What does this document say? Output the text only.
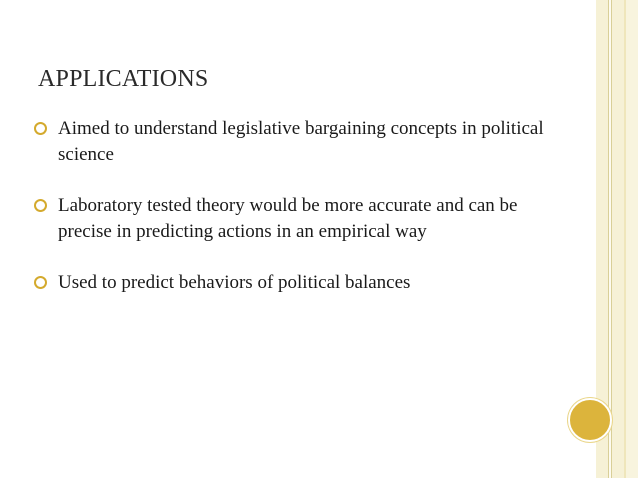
APPLICATIONS
Aimed to understand legislative bargaining concepts in political science
Laboratory tested theory would be more accurate and can be precise in predicting actions in an empirical way
Used to predict behaviors of political balances
